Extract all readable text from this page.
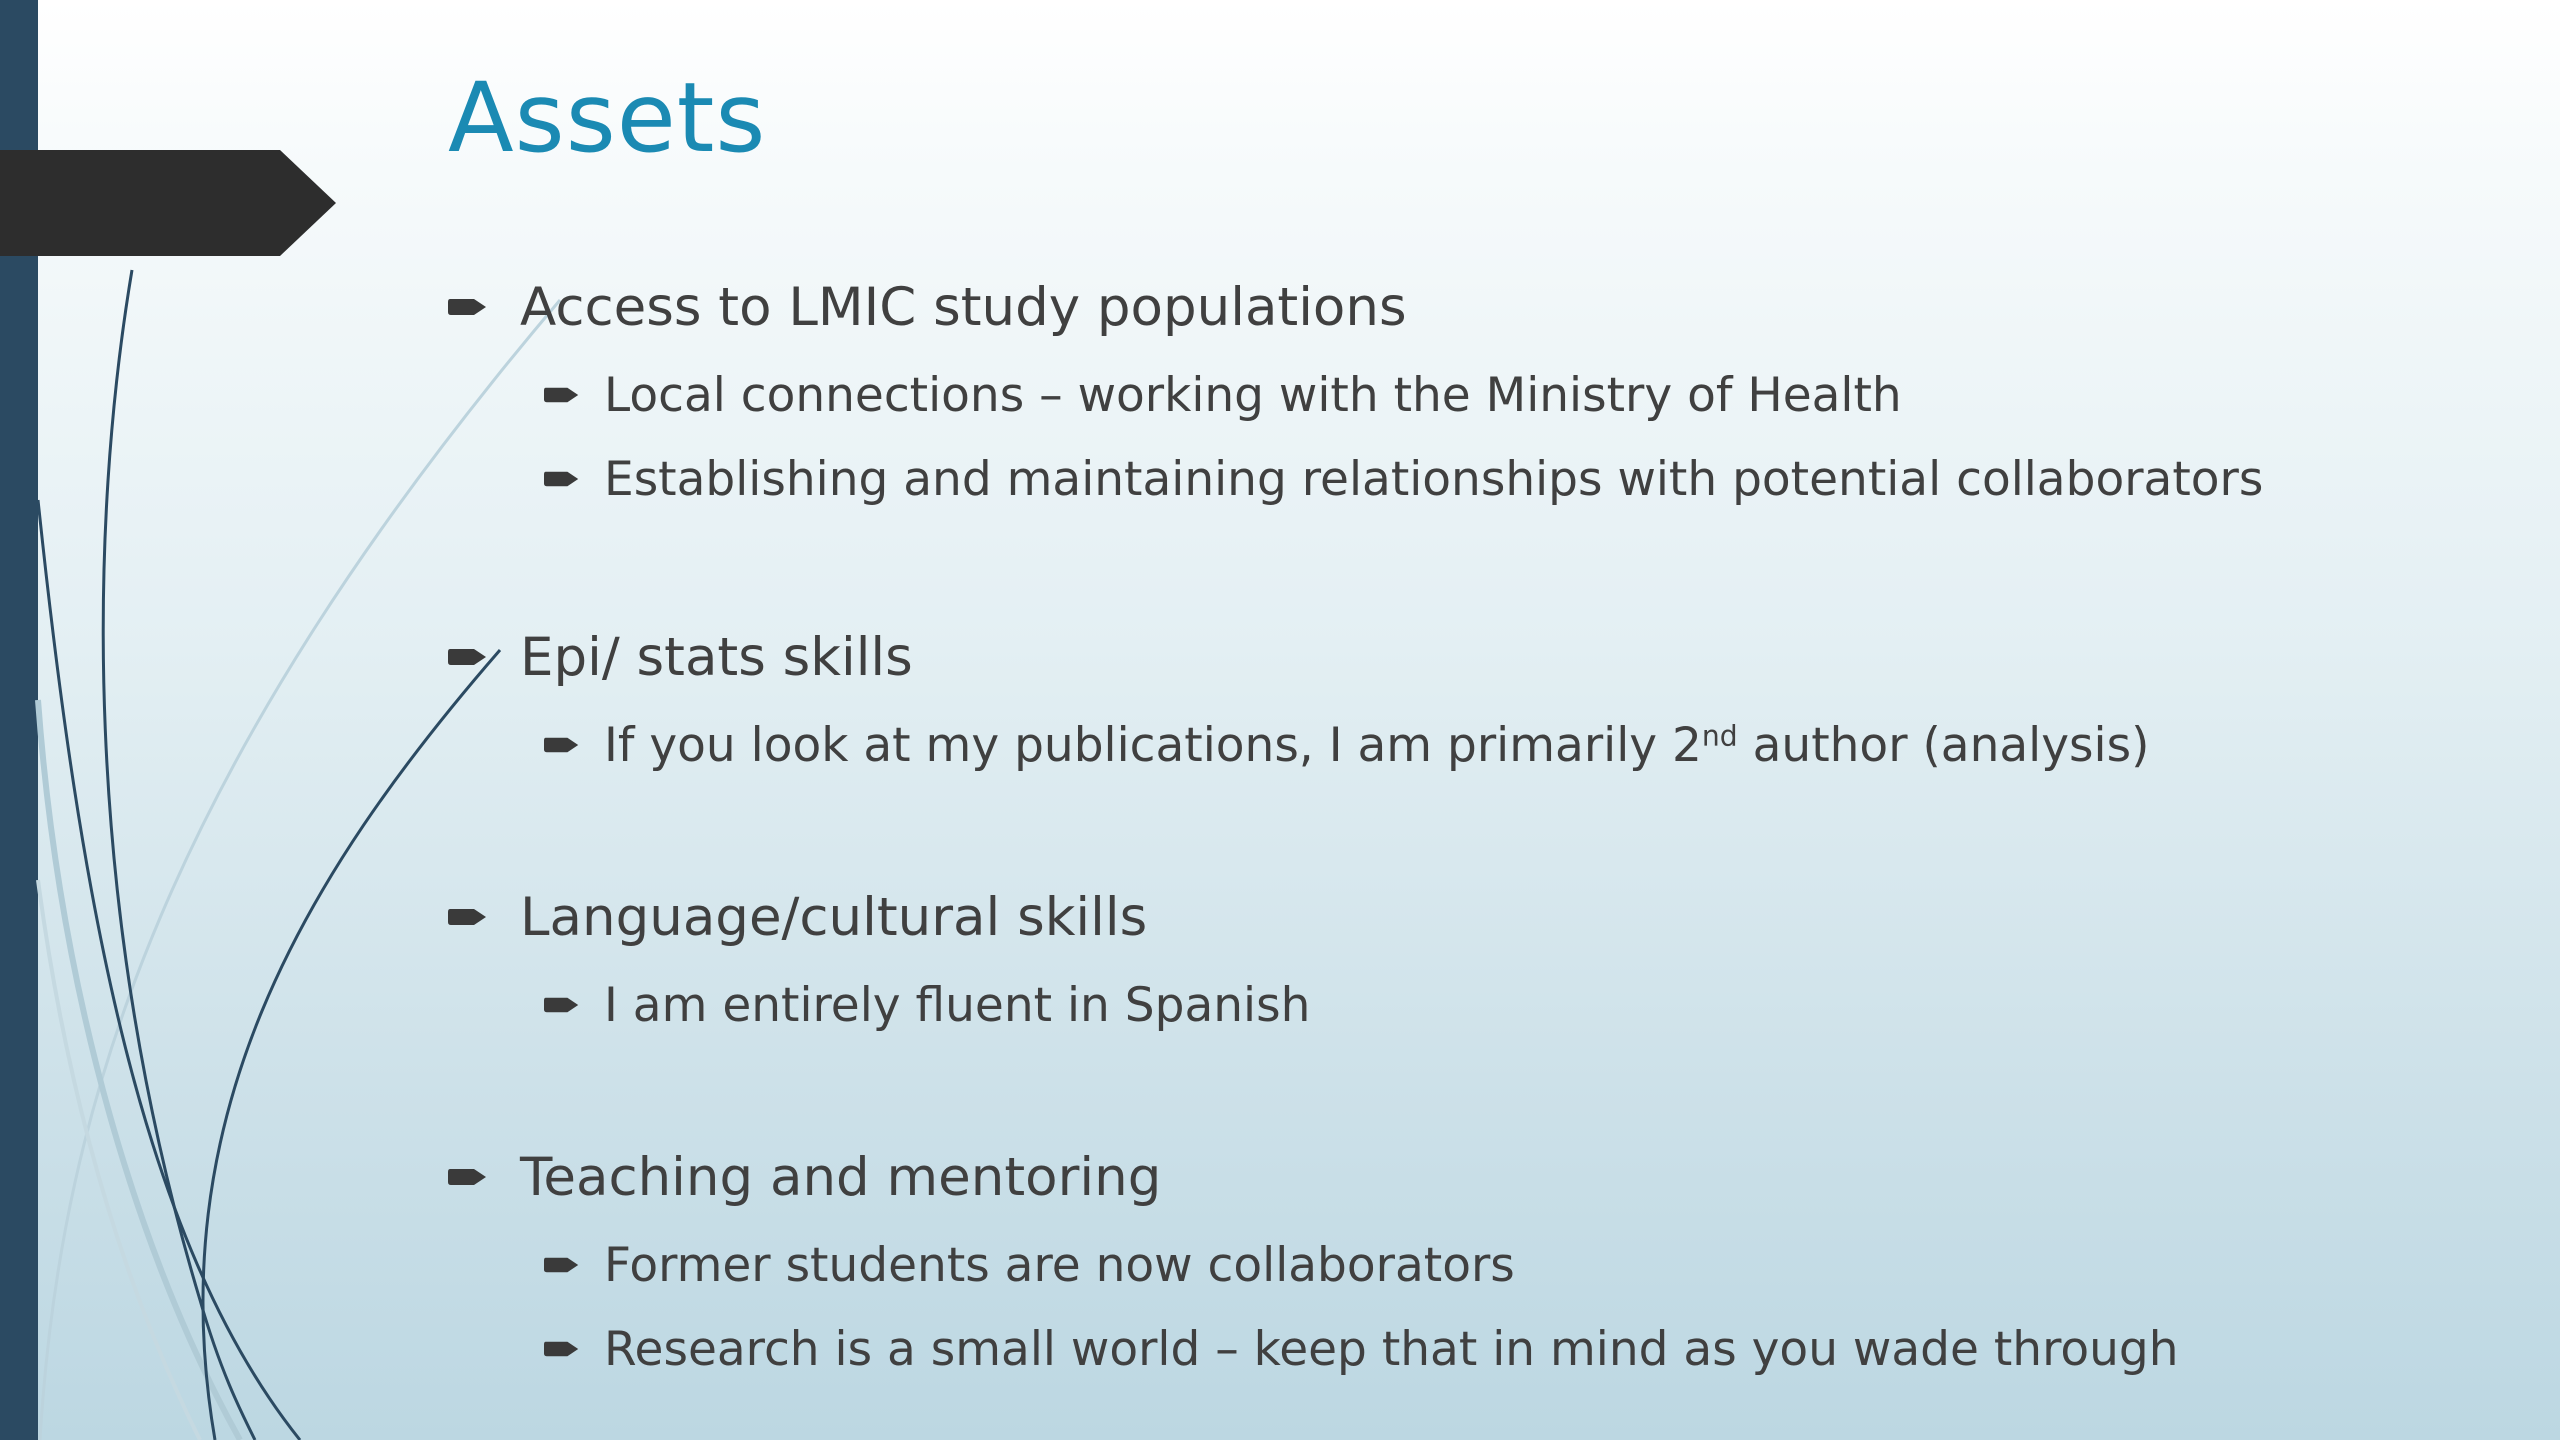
Assets
Access to LMIC study populations
Local connections – working with the Ministry of Health
Establishing and maintaining relationships with potential collaborators
Epi/ stats skills
If you look at my publications, I am primarily 2nd author (analysis)
Language/cultural skills
I am entirely fluent in Spanish
Teaching and mentoring
Former students are now collaborators
Research is a small world – keep that in mind as you wade through
